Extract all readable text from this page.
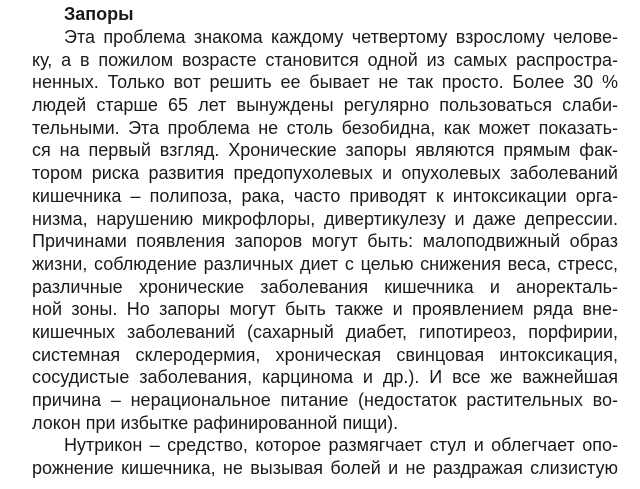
Запоры
Эта проблема знакома каждому четвертому взрослому челове-
ку, а в пожилом возрасте становится одной из самых распростра-
ненных. Только вот решить ее бывает не так просто. Более 30 %
людей старше 65 лет вынуждены регулярно пользоваться слаби-
тельными. Эта проблема не столь безобидна, как может показать-
ся на первый взгляд. Хронические запоры являются прямым фак-
тором риска развития предопухолевых и опухолевых заболеваний
кишечника – полипоза, рака, часто приводят к интоксикации орга-
низма, нарушению микрофлоры, дивертикулезу и даже депрессии.
Причинами появления запоров могут быть: малоподвижный образ
жизни, соблюдение различных диет с целью снижения веса, стресс,
различные хронические заболевания кишечника и аноректаль-
ной зоны. Но запоры могут быть также и проявлением ряда вне-
кишечных заболеваний (сахарный диабет, гипотиреоз, порфирии,
системная склеродермия, хроническая свинцовая интоксикация,
сосудистые заболевания, карциномa и др.). И все же важнейшая
причина – нерациональное питание (недостаток растительных во-
локон при избытке рафинированной пищи).
Нутрикон – средство, которое размягчает стул и облегчает опо-
рожнение кишечника, не вызывая болей и не раздражая слизистую
